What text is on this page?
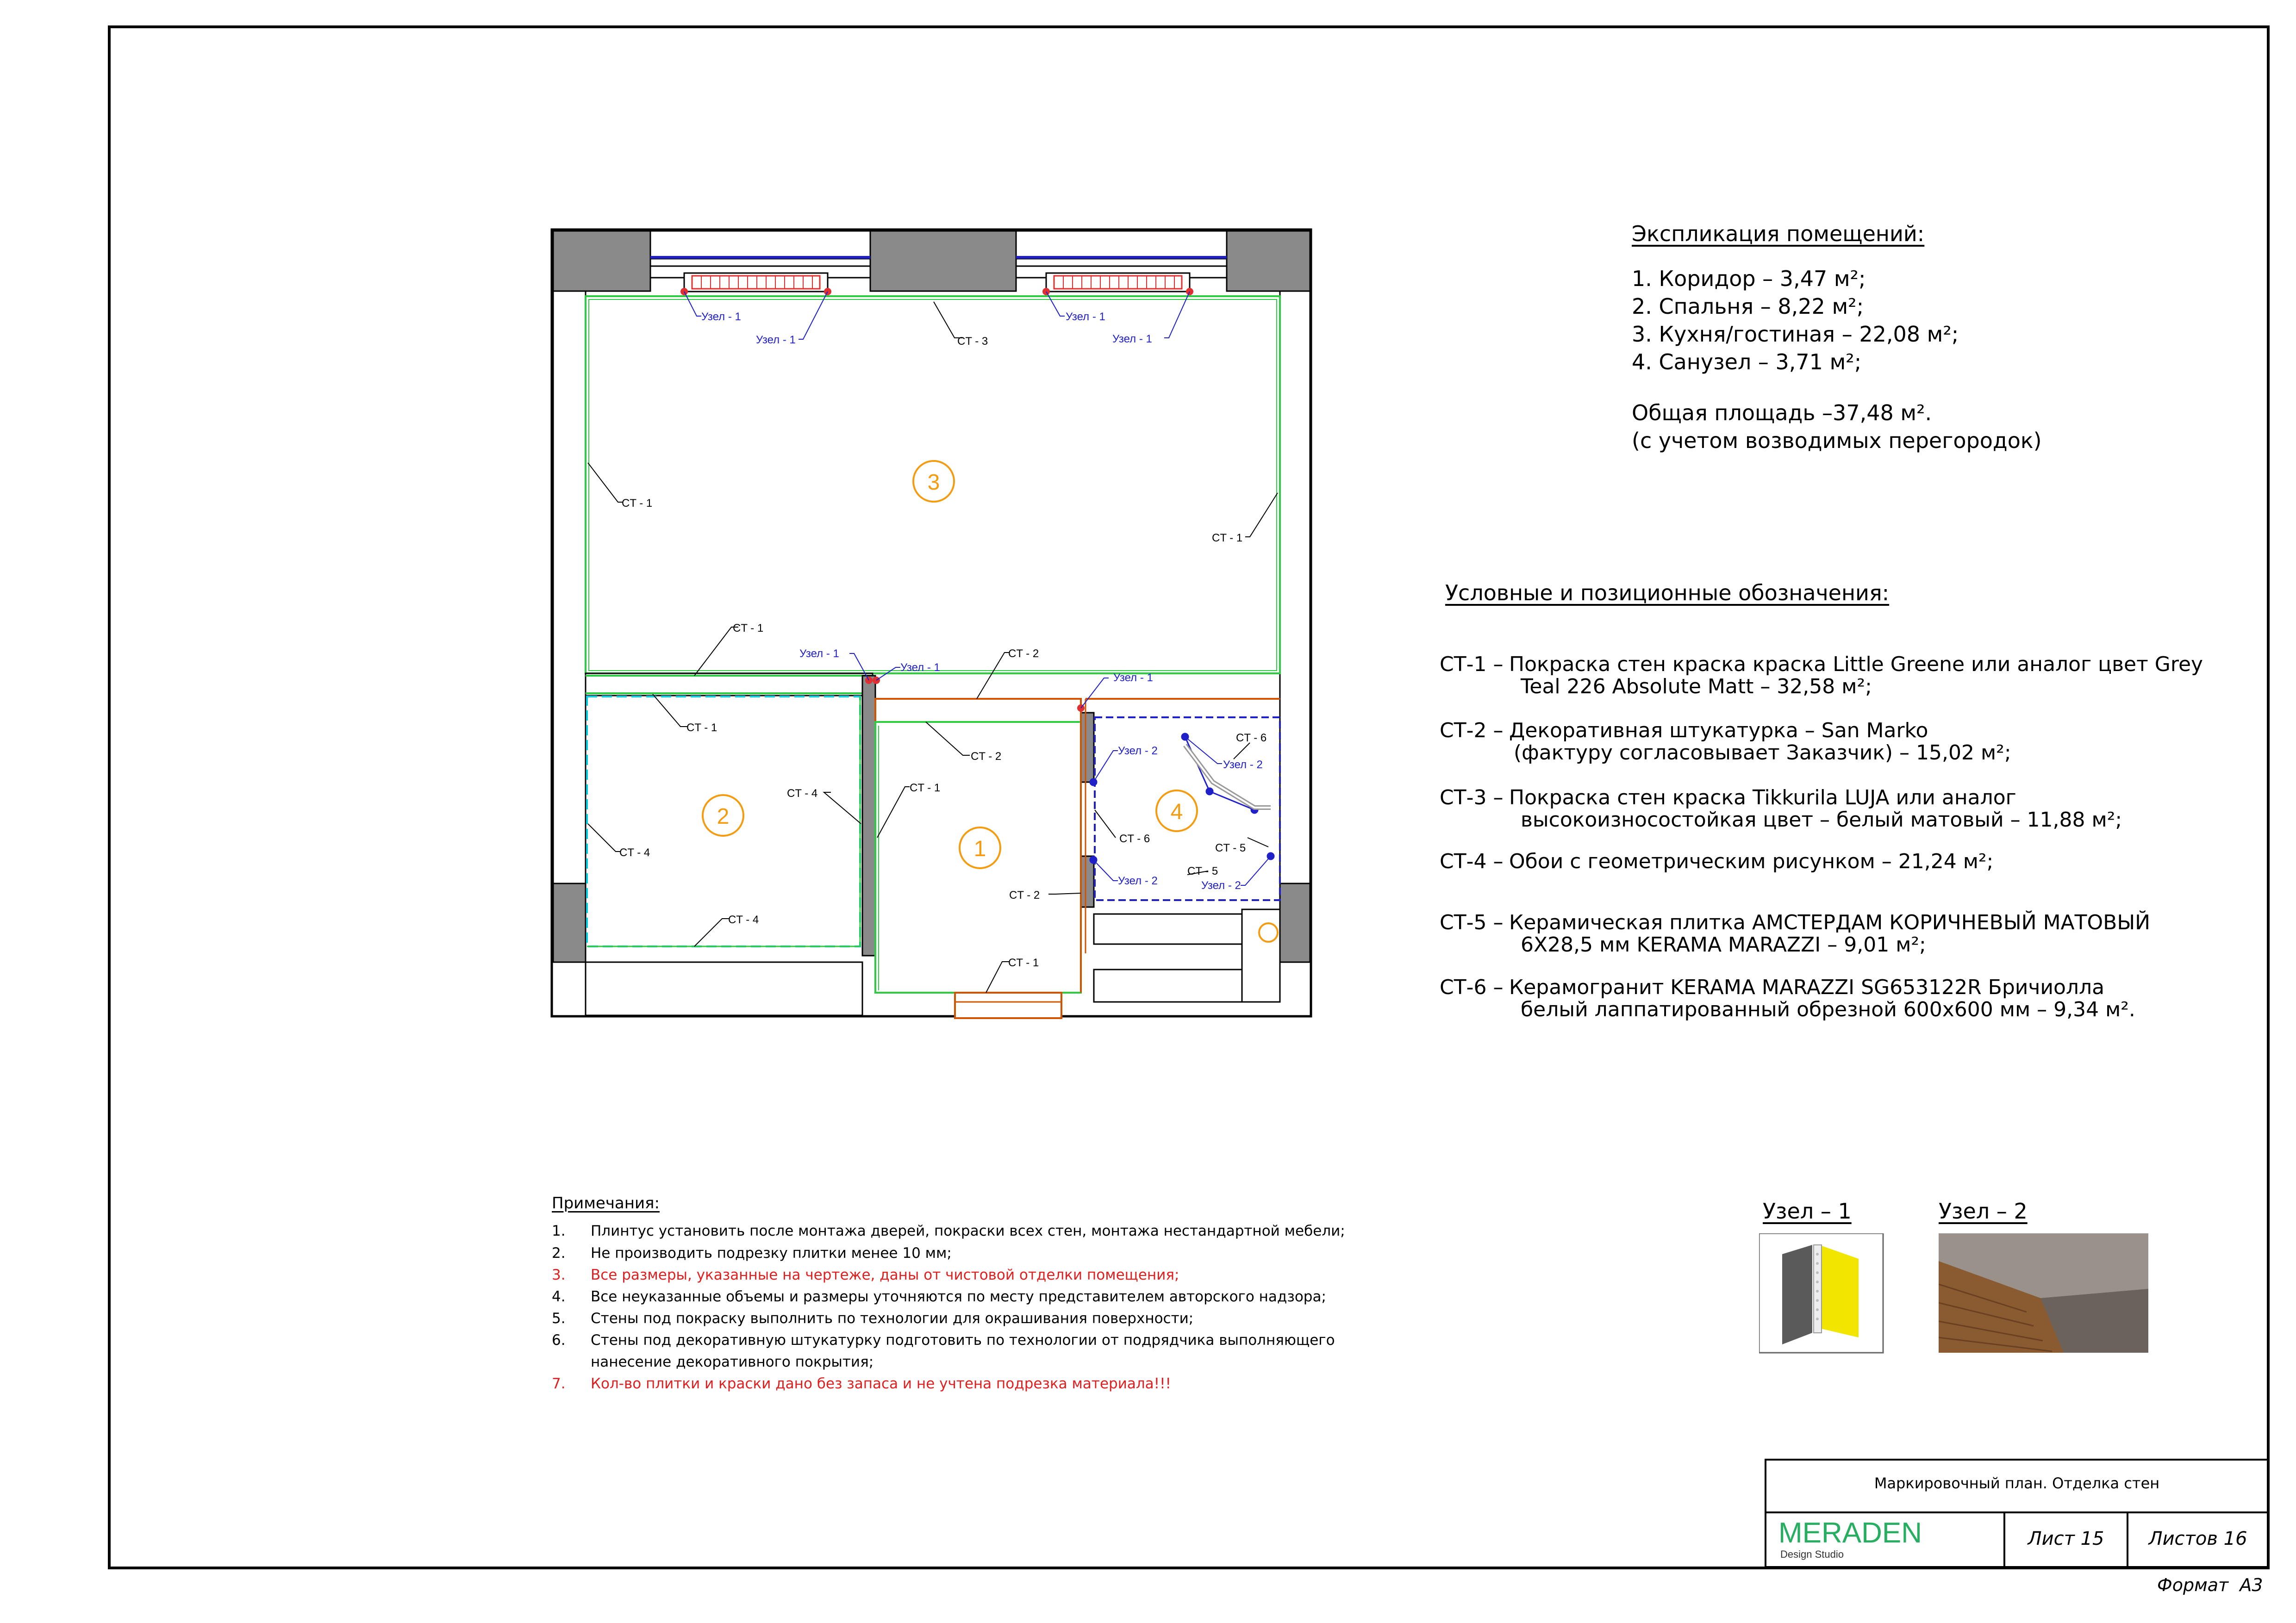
3
2
1
4
CT - 3
CT - 1
CT - 1
CT - 1
CT - 1
CT - 2
CT - 2
CT - 4	CT - 1
CT - 4
CT - 4
CT - 2
CT - 1
CT - 6
CT - 6
CT - 5
CT - 5
Узел - 1
Узел - 1
Узел - 1
Узел - 1
Узел - 1
Узел - 1
Узел - 1
Узел - 2
Узел - 2
Узел - 2	Узел - 2
Экспликация помещений:
1. Коридор – 3,47 м²;
2. Спальня – 8,22 м²;
3. Кухня/гостиная – 22,08 м²;
4. Санузел – 3,71 м²;
Общая площадь –37,48 м².
(с учетом возводимых перегородок)
Условные и позиционные обозначения:
СТ-1 – Покраска стен краска краска Little Greene или аналог цвет Grey
Teal 226 Absolute Matt – 32,58 м²;
СТ-2 – Декоративная штукатурка – San Marko
(фактуру согласовывает Заказчик) – 15,02 м²;
СТ-3 – Покраска стен краска Tikkurila LUJA или аналог
высокоизносостойкая цвет – белый матовый – 11,88 м²;
СТ-4 – Обои с геометрическим рисунком – 21,24 м²;
СТ-5 – Керамическая плитка АМСТЕРДАМ КОРИЧНЕВЫЙ МАТОВЫЙ
6Х28,5 мм KERAMA MARAZZI – 9,01 м²;
СТ-6 – Керамогранит KERAMA MARAZZI SG653122R Бричиолла
белый лаппатированный обрезной 600х600 мм – 9,34 м².
Примечания:
1. Плинтус установить после монтажа дверей, покраски всех стен, монтажа нестандартной мебели;
2. Не производить подрезку плитки менее 10 мм;
3. Все размеры, указанные на чертеже, даны от чистовой отделки помещения;
4. Все неуказанные объемы и размеры уточняются по месту представителем авторского надзора;
5. Стены под покраску выполнить по технологии для окрашивания поверхности;
6. Стены под декоративную штукатурку подготовить по технологии от подрядчика выполняющего
нанесение декоративного покрытия;
7. Кол-во плитки и краски дано без запаса и не учтена подрезка материала!!!
Узел – 1	Узел – 2
Маркировочный план. Отделка стен
MERADEN
Design Studio
Лист 15	Листов 16
Формат  А3
